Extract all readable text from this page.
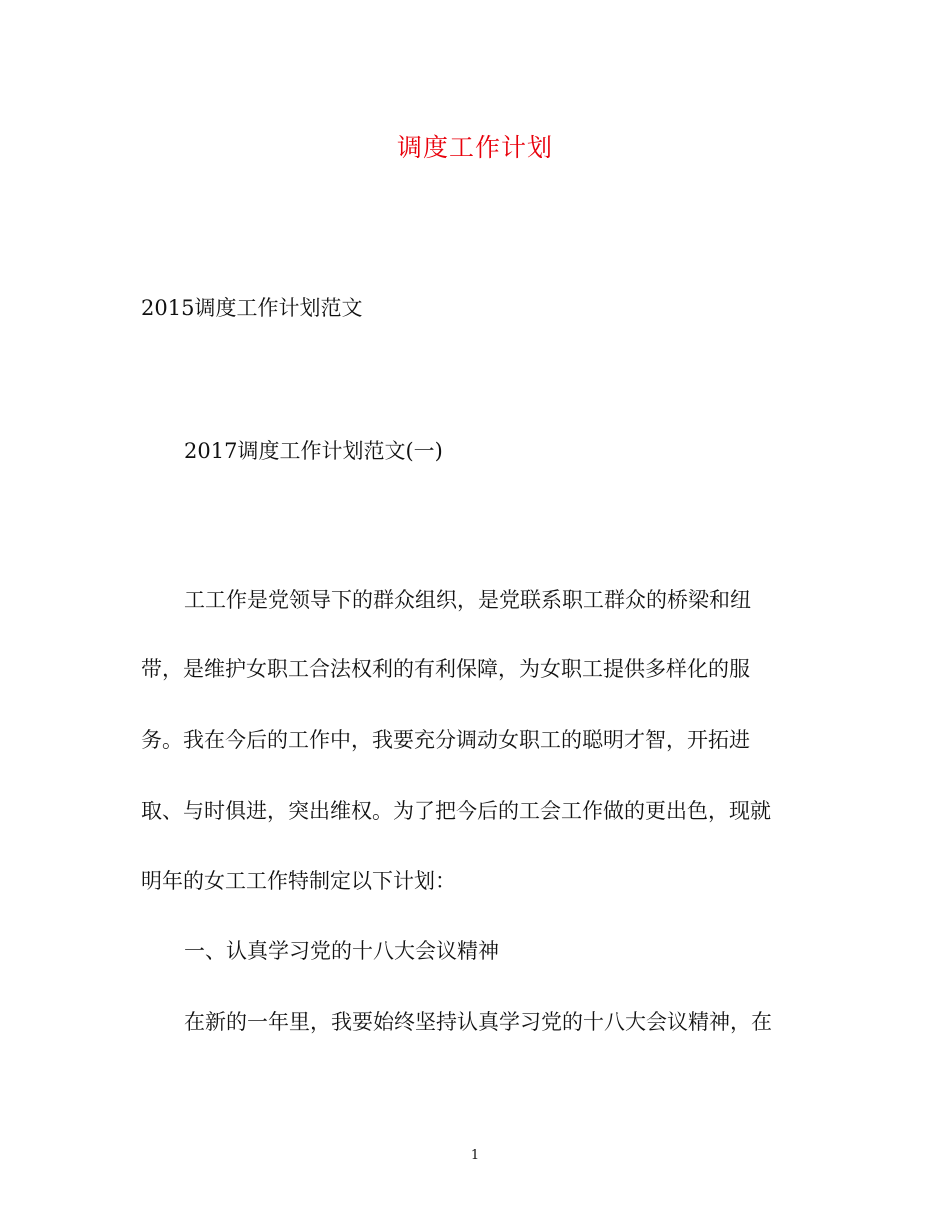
调度工作计划
2015调度工作计划范文
2017调度工作计划范文(一)
工工作是党领导下的群众组织，是党联系职工群众的桥梁和纽
带，是维护女职工合法权利的有利保障，为女职工提供多样化的服
务。我在今后的工作中，我要充分调动女职工的聪明才智，开拓进
取、与时俱进，突出维权。为了把今后的工会工作做的更出色，现就
明年的女工工作特制定以下计划：
一、认真学习党的十八大会议精神
在新的一年里，我要始终坚持认真学习党的十八大会议精神，在
1
